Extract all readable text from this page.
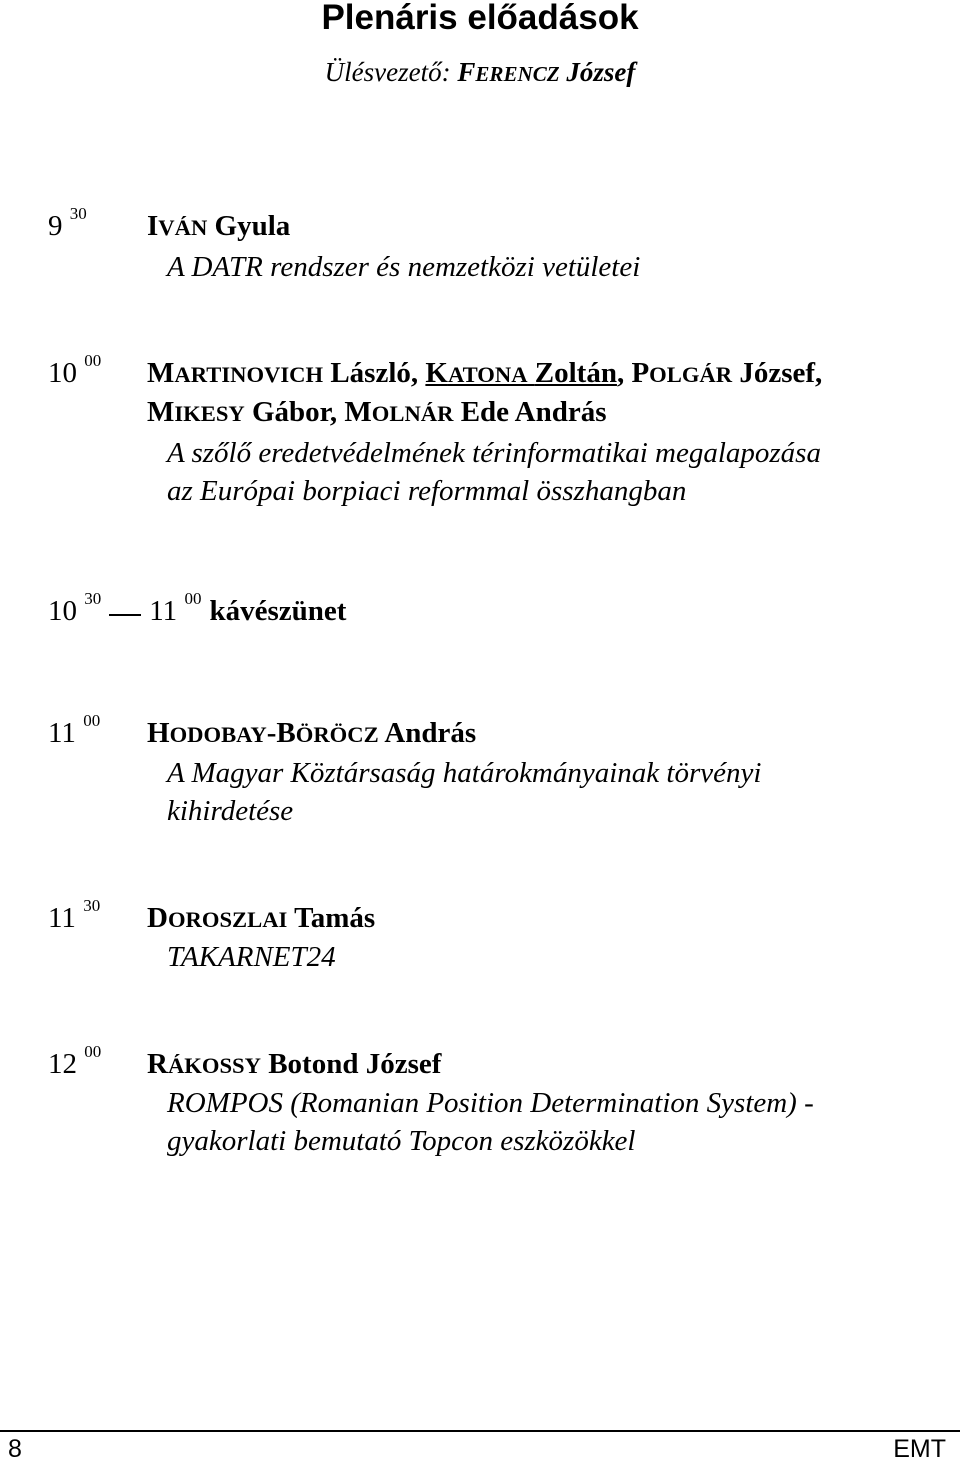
Plenáris előadások
Ülésvezető: FERENCZ József
9 $^{30}$ IVÁN Gyula
A DATR rendszer és nemzetközi vetületei
10 $^{00}$ MARTINOVICH László, KATONA Zoltán, POLGÁR József,
MIKESY Gábor, MOLNÁR Ede András
A szőlő eredetvédelmének térinformatikai megalapozása
az Európai borpiaci reformmal összhangban
10 $^{30}$ 11 $^{00}$ kávészünet
11 $^{00}$ HODOBAY-BÖRÖCZ András
A Magyar Köztársaság határokmányainak törvényi
kihirdetése
11 $^{30}$ DOROSZLAI Tamás
TAKARNET24
12 $^{00}$ RÁKOSSY Botond József
ROMPOS (Romanian Position Determination System) -
gyakorlati bemutató Topcon eszközökkel
8	EMT
